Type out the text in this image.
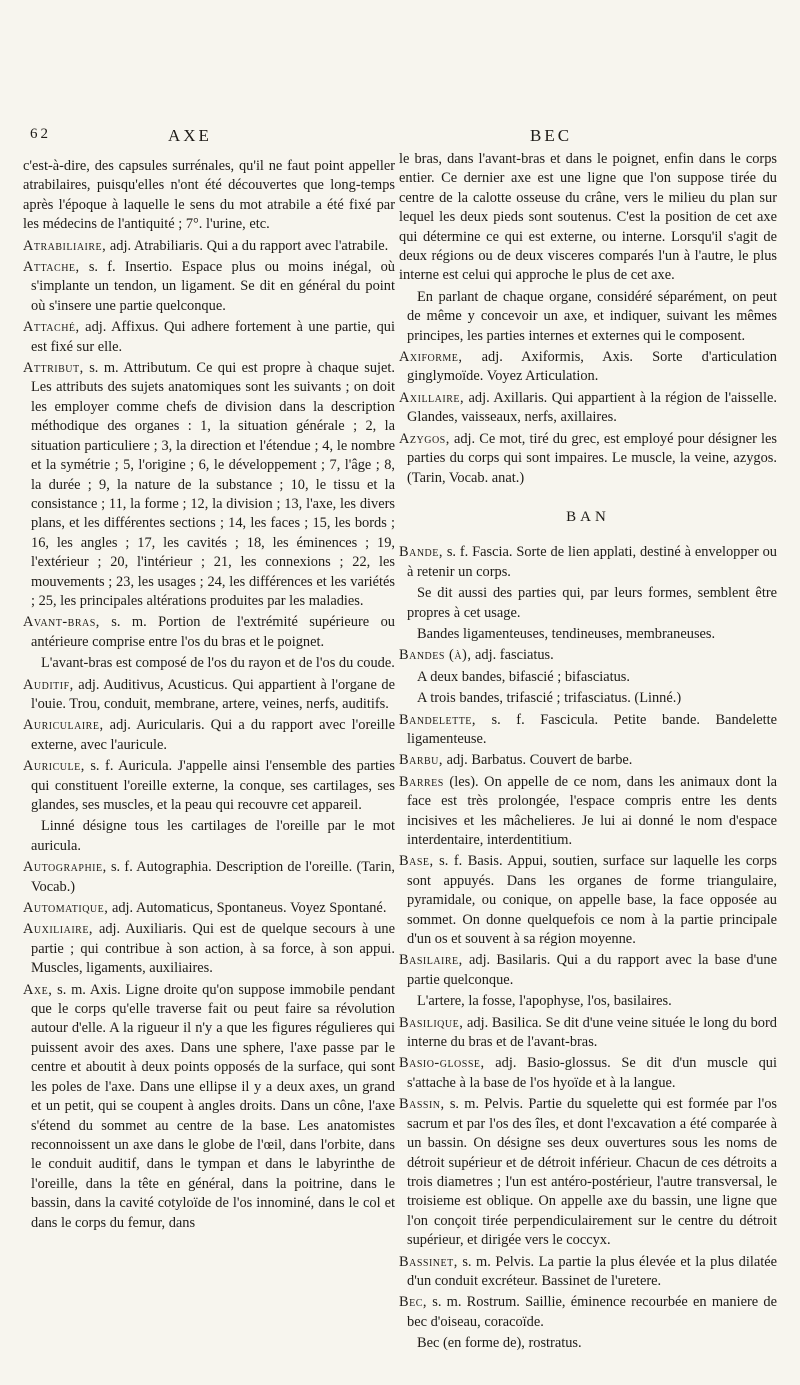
62	AXE	BEC

c'est-à-dire, des capsules surrénales, qu'il ne faut point appeller atrabilaires, puisqu'elles n'ont été découvertes que long-temps après l'époque à laquelle le sens du mot atrabile a été fixé par les médecins de l'antiquité ; 7°. l'urine, etc.

Atrabiliaire, adj. Atrabiliaris. Qui a du rapport avec l'atrabile.

Attache, s. f. Insertio. Espace plus ou moins inégal, où s'implante un tendon, un ligament. Se dit en général du point où s'insere une partie quelconque.

Attaché, adj. Affixus. Qui adhere fortement à une partie, qui est fixé sur elle.

Attribut, s. m. Attributum. Ce qui est propre à chaque sujet. Les attributs des sujets anatomiques sont les suivants ; on doit les employer comme chefs de division dans la description méthodique des organes : 1, la situation générale ; 2, la situation particuliere ; 3, la direction et l'étendue ; 4, le nombre et la symétrie ; 5, l'origine ; 6, le développement ; 7, l'âge ; 8, la durée ; 9, la nature de la substance ; 10, le tissu et la consistance ; 11, la forme ; 12, la division ; 13, l'axe, les divers plans, et les différentes sections ; 14, les faces ; 15, les bords ; 16, les angles ; 17, les cavités ; 18, les éminences ; 19, l'extérieur ; 20, l'intérieur ; 21, les connexions ; 22, les mouvements ; 23, les usages ; 24, les différences et les variétés ; 25, les principales altérations produites par les maladies.

Avant-bras, s. m. Portion de l'extrémité supérieure ou antérieure comprise entre l'os du bras et le poignet.

L'avant-bras est composé de l'os du rayon et de l'os du coude.

Auditif, adj. Auditivus, Acusticus. Qui appartient à l'organe de l'ouie. Trou, conduit, membrane, artere, veines, nerfs, auditifs.

Auriculaire, adj. Auricularis. Qui a du rapport avec l'oreille externe, avec l'auricule.

Auricule, s. f. Auricula. J'appelle ainsi l'ensemble des parties qui constituent l'oreille externe, la conque, ses cartilages, ses glandes, ses muscles, et la peau qui recouvre cet appareil.

Linné désigne tous les cartilages de l'oreille par le mot auricula.

Autographie, s. f. Autographia. Description de l'oreille. (Tarin, Vocab.)

Automatique, adj. Automaticus, Spontaneus. Voyez Spontané.

Auxiliaire, adj. Auxiliaris. Qui est de quelque secours à une partie ; qui contribue à son action, à sa force, à son appui. Muscles, ligaments, auxiliaires.

Axe, s. m. Axis. Ligne droite qu'on suppose immobile pendant que le corps qu'elle traverse fait ou peut faire sa révolution autour d'elle. A la rigueur il n'y a que les figures régulieres qui puissent avoir des axes. Dans une sphere, l'axe passe par le centre et aboutit à deux points opposés de la surface, qui sont les poles de l'axe. Dans une ellipse il y a deux axes, un grand et un petit, qui se coupent à angles droits. Dans un cône, l'axe s'étend du sommet au centre de la base. Les anatomistes reconnoissent un axe dans le globe de l'œil, dans l'orbite, dans le conduit auditif, dans le tympan et dans le labyrinthe de l'oreille, dans la tête en général, dans la poitrine, dans le bassin, dans la cavité cotyloïde de l'os innominé, dans le col et dans le corps du femur, dans

le bras, dans l'avant-bras et dans le poignet, enfin dans le corps entier. Ce dernier axe est une ligne que l'on suppose tirée du centre de la calotte osseuse du crâne, vers le milieu du plan sur lequel les deux pieds sont soutenus. C'est la position de cet axe qui détermine ce qui est externe, ou interne. Lorsqu'il s'agit de deux régions ou de deux visceres comparés l'un à l'autre, le plus interne est celui qui approche le plus de cet axe.

En parlant de chaque organe, considéré séparément, on peut de même y concevoir un axe, et indiquer, suivant les mêmes principes, les parties internes et externes qui le composent.

Axiforme, adj. Axiformis, Axis. Sorte d'articulation ginglymoïde. Voyez Articulation.

Axillaire, adj. Axillaris. Qui appartient à la région de l'aisselle. Glandes, vaisseaux, nerfs, axillaires.

Azygos, adj. Ce mot, tiré du grec, est employé pour désigner les parties du corps qui sont impaires. Le muscle, la veine, azygos. (Tarin, Vocab. anat.)

BAN

Bande, s. f. Fascia. Sorte de lien applati, destiné à envelopper ou à retenir un corps.

Se dit aussi des parties qui, par leurs formes, semblent être propres à cet usage.

Bandes ligamenteuses, tendineuses, membraneuses.

Bandes (à), adj. fasciatus.

A deux bandes, bifascié ; bifasciatus.

A trois bandes, trifascié ; trifasciatus. (Linné.)

Bandelette, s. f. Fascicula. Petite bande. Bandelette ligamenteuse.

Barbu, adj. Barbatus. Couvert de barbe.

Barres (les). On appelle de ce nom, dans les animaux dont la face est très prolongée, l'espace compris entre les dents incisives et les mâchelieres. Je lui ai donné le nom d'espace interdentaire, interdentitium.

Base, s. f. Basis. Appui, soutien, surface sur laquelle les corps sont appuyés. Dans les organes de forme triangulaire, pyramidale, ou conique, on appelle base, la face opposée au sommet. On donne quelquefois ce nom à la partie principale d'un os et souvent à sa région moyenne.

Basilaire, adj. Basilaris. Qui a du rapport avec la base d'une partie quelconque.

L'artere, la fosse, l'apophyse, l'os, basilaires.

Basilique, adj. Basilica. Se dit d'une veine située le long du bord interne du bras et de l'avant-bras.

Basio-glosse, adj. Basio-glossus. Se dit d'un muscle qui s'attache à la base de l'os hyoïde et à la langue.

Bassin, s. m. Pelvis. Partie du squelette qui est formée par l'os sacrum et par l'os des îles, et dont l'excavation a été comparée à un bassin. On désigne ses deux ouvertures sous les noms de détroit supérieur et de détroit inférieur. Chacun de ces détroits a trois diametres ; l'un est antéro-postérieur, l'autre transversal, le troisieme est oblique. On appelle axe du bassin, une ligne que l'on conçoit tirée perpendiculairement sur le centre du détroit supérieur, et dirigée vers le coccyx.

Bassinet, s. m. Pelvis. La partie la plus élevée et la plus dilatée d'un conduit excréteur. Bassinet de l'uretere.

Bec, s. m. Rostrum. Saillie, éminence recourbée en maniere de bec d'oiseau, coracoïde.

Bec (en forme de), rostratus.
